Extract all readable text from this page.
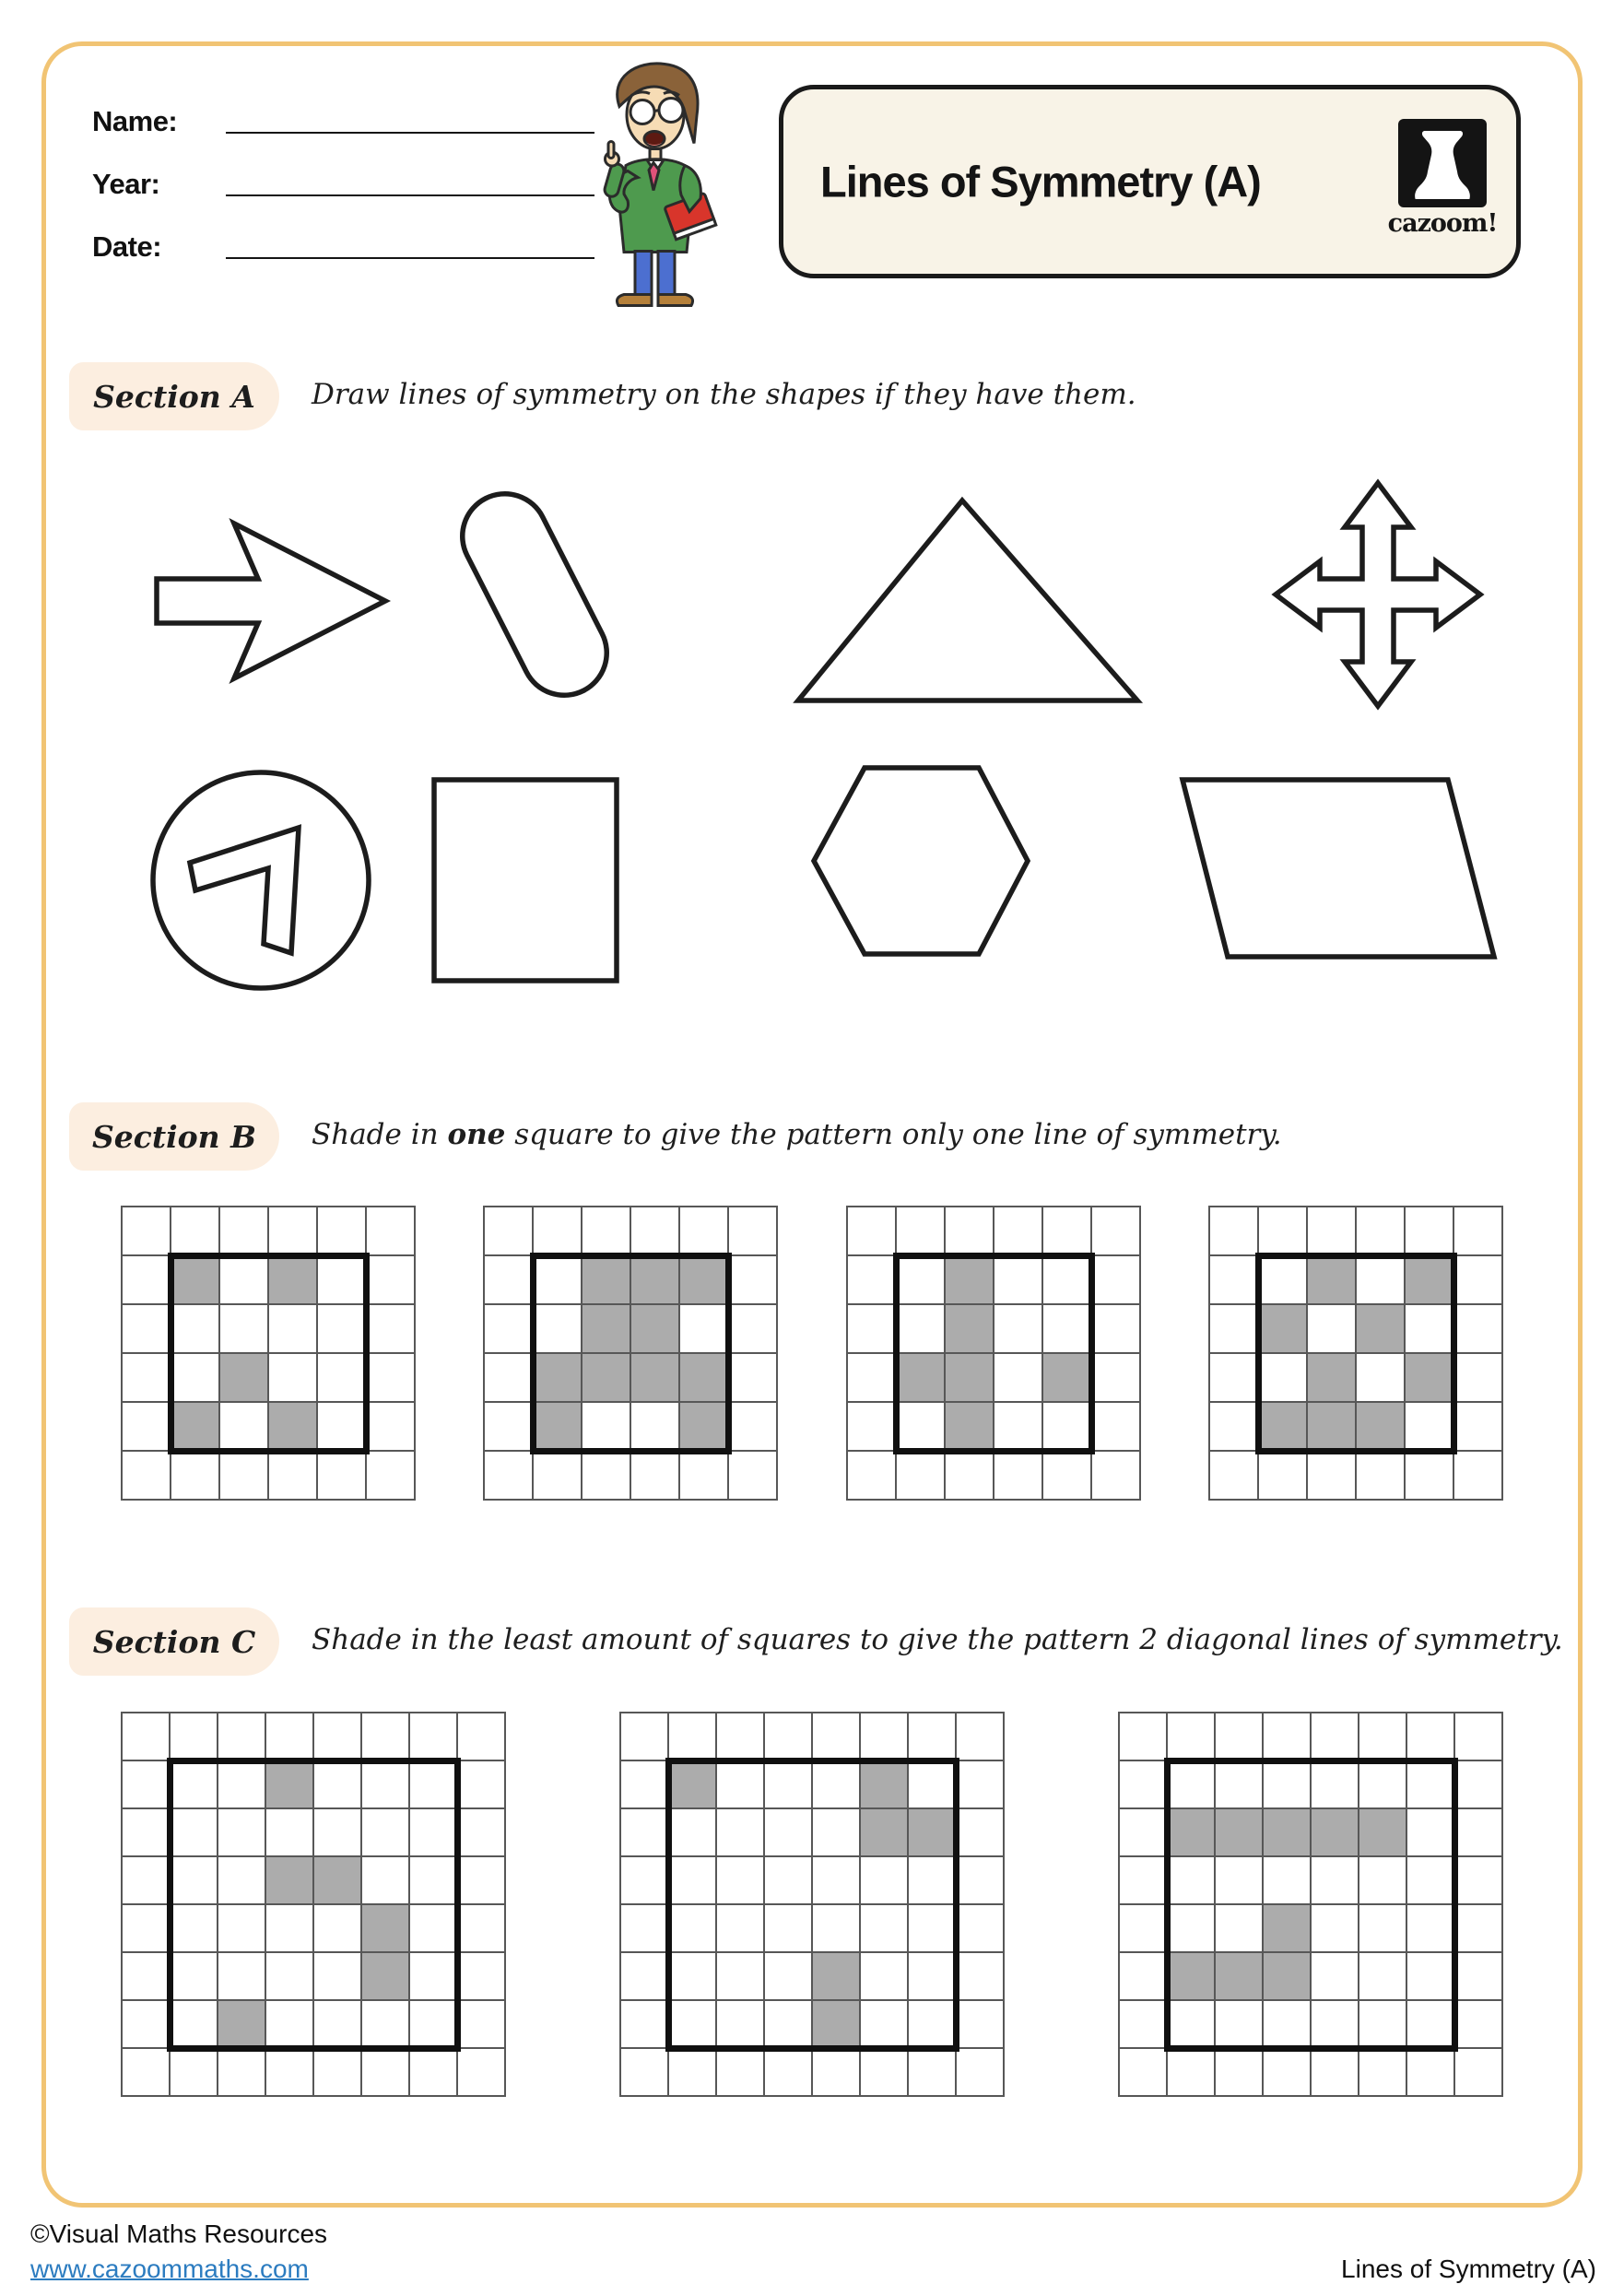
Name:
Year:
Date:
Lines of Symmetry (A)
cazoom!
Section A Draw lines of symmetry on the shapes if they have them.
Section B Shade in one square to give the pattern only one line of symmetry.
Section C Shade in the least amount of squares to give the pattern 2 diagonal lines of symmetry.
©Visual Maths Resources
www.cazoommaths.com	Lines of Symmetry (A)
